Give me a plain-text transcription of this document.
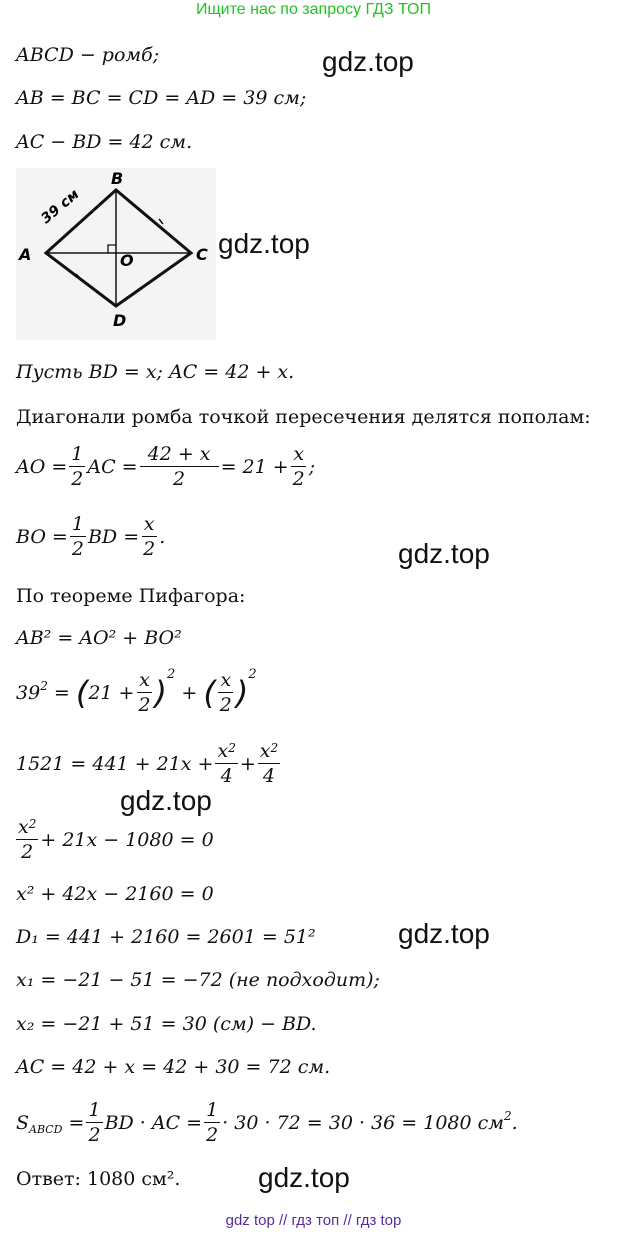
Ищите нас по запросу ГДЗ ТОП
ABCD − ромб;
AB = BC = CD = AD = 39 см;
AC − BD = 42 см.
gdz.top
B
A	C
D
O
39 см
gdz.top
Пусть BD = x; AC = 42 + x.
Диагонали ромба точкой пересечения делятся пополам:
AO = $\frac{1}{2}$ AC = $\frac{42 + x}{2} = 21 + \frac{x}{2}$ ;
BO = $\frac{1}{2}$ BD = $\frac{x}{2}$ .
gdz.top
По теореме Пифагора:
AB² = AO² + BO²
$39^2$ = ( $21 + \frac{x}{2}$ ) 2
+ ( $\frac{x}{2}$ ) 2
$1521 = 441 + 21x + \frac{x^2}{4} + \frac{x^2}{4}$
gdz.top
$\frac{x^2}{2} + 21x - 1080 = 0$
x² + 42x − 2160 = 0
D₁ = 441 + 2160 = 2601 = 51²	gdz.top
x₁ = −21 − 51 = −72 (не подходит);
x₂ = −21 + 51 = 30 (см) − BD.
AC = 42 + x = 42 + 30 = 72 см.
$S_{ABCD} = \frac{1}{2}$ BD · AC = $\frac{1}{2} \cdot 30 \cdot 72 = 30 \cdot 36 = 1080$ $см^2$.
Ответ: 1080 см².	gdz.top
gdz top // гдз топ // гдз top
